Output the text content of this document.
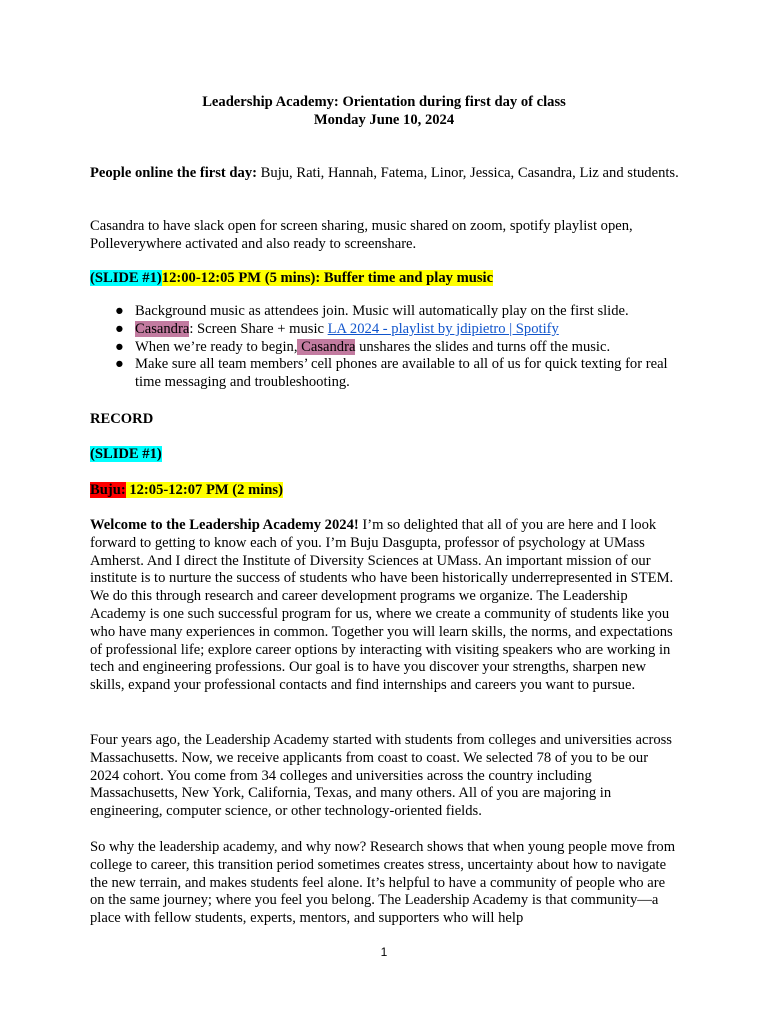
Leadership Academy: Orientation during first day of class
Monday June 10, 2024
People online the first day: Buju, Rati, Hannah, Fatema, Linor, Jessica, Casandra, Liz and students.
Casandra to have slack open for screen sharing, music shared on zoom, spotify playlist open, Polleverywhere activated and also ready to screenshare.
(SLIDE #1)12:00-12:05 PM (5 mins): Buffer time and play music
● Background music as attendees join. Music will automatically play on the first slide.
● Casandra: Screen Share + music LA 2024 - playlist by jdipietro | Spotify
● When we’re ready to begin, Casandra unshares the slides and turns off the music.
● Make sure all team members’ cell phones are available to all of us for quick texting for real time messaging and troubleshooting.
RECORD
(SLIDE #1)
Buju: 12:05-12:07 PM (2 mins)
Welcome to the Leadership Academy 2024! I’m so delighted that all of you are here and I look forward to getting to know each of you. I’m Buju Dasgupta, professor of psychology at UMass Amherst. And I direct the Institute of Diversity Sciences at UMass. An important mission of our institute is to nurture the success of students who have been historically underrepresented in STEM. We do this through research and career development programs we organize. The Leadership Academy is one such successful program for us, where we create a community of students like you who have many experiences in common. Together you will learn skills, the norms, and expectations of professional life; explore career options by interacting with visiting speakers who are working in tech and engineering professions. Our goal is to have you discover your strengths, sharpen new skills, expand your professional contacts and find internships and careers you want to pursue.
Four years ago, the Leadership Academy started with students from colleges and universities across Massachusetts. Now, we receive applicants from coast to coast. We selected 78 of you to be our 2024 cohort. You come from 34 colleges and universities across the country including Massachusetts, New York, California, Texas, and many others. All of you are majoring in engineering, computer science, or other technology-oriented fields.
So why the leadership academy, and why now? Research shows that when young people move from college to career, this transition period sometimes creates stress, uncertainty about how to navigate the new terrain, and makes students feel alone. It’s helpful to have a community of people who are on the same journey; where you feel you belong. The Leadership Academy is that community—a place with fellow students, experts, mentors, and supporters who will help
1
